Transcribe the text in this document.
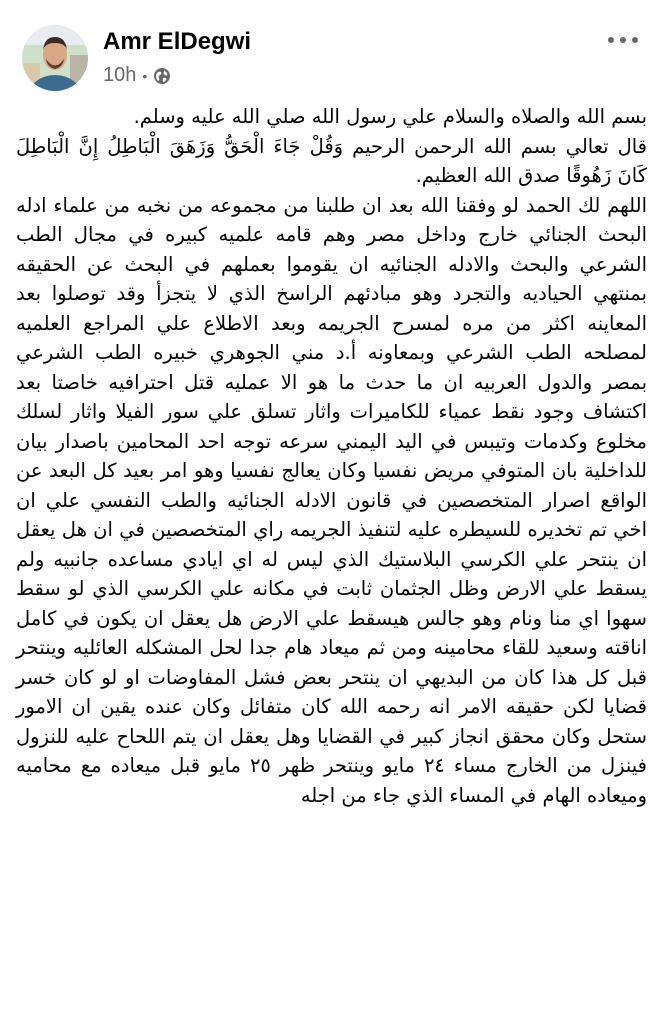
Amr ElDegwi
10h •

بسم الله والصلاه والسلام علي رسول الله صلي الله عليه وسلم.

قال تعالي بسم الله الرحمن الرحيم وَقُلْ جَاءَ الْحَقُّ وَزَهَقَ الْبَاطِلُ إِنَّ الْبَاطِلَ كَانَ زَهُوقًا صدق الله العظيم.

اللهم لك الحمد لو وفقنا الله بعد ان طلبنا من مجموعه من نخبه من علماء ادله البحث الجنائي خارج وداخل مصر وهم قامه علميه كبيره في مجال الطب الشرعي والبحث والادله الجنائيه ان يقوموا بعملهم في البحث عن الحقيقه بمنتهي الحياديه والتجرد وهو مبادئهم الراسخ الذي لا يتجزأ وقد توصلوا بعد المعاينه اكثر من مره لمسرح الجريمه وبعد الاطلاع علي المراجع العلميه لمصلحه الطب الشرعي وبمعاونه أ.د مني الجوهري خبيره الطب الشرعي بمصر والدول العربيه ان ما حدث ما هو الا عمليه قتل احترافيه خاصتا بعد اكتشاف وجود نقط عمياء للكاميرات واثار تسلق علي سور الفيلا واثار لسلك مخلوع وكدمات وتيبس في اليد اليمني سرعه توجه احد المحامين باصدار بيان للداخلية بان المتوفي مريض نفسيا وكان يعالج نفسيا وهو امر بعيد كل البعد عن الواقع اصرار المتخصصين في قانون الادله الجنائيه والطب النفسي علي ان اخي تم تخديره للسيطره عليه لتنفيذ الجريمه راي المتخصصين في ان هل يعقل ان ينتحر علي الكرسي البلاستيك الذي ليس له اي ايادي مساعده جانبيه ولم يسقط علي الارض وظل الجثمان ثابت في مكانه علي الكرسي الذي لو سقط سهوا اي منا ونام وهو جالس هيسقط علي الارض هل يعقل ان يكون في كامل اناقته وسعيد للقاء محامينه ومن ثم ميعاد هام جدا لحل المشكله العائليه وينتحر قبل كل هذا كان من البديهي ان ينتحر بعض فشل المفاوضات او لو كان خسر قضايا لكن حقيقه الامر انه رحمه الله كان متفائل وكان عنده يقين ان الامور ستحل وكان محقق انجاز كبير في القضايا وهل يعقل ان يتم اللحاح عليه للنزول فينزل من الخارج مساء ٢٤ مايو وينتحر ظهر ٢٥ مايو قبل ميعاده مع محاميه وميعاده الهام في المساء الذي جاء من اجله
